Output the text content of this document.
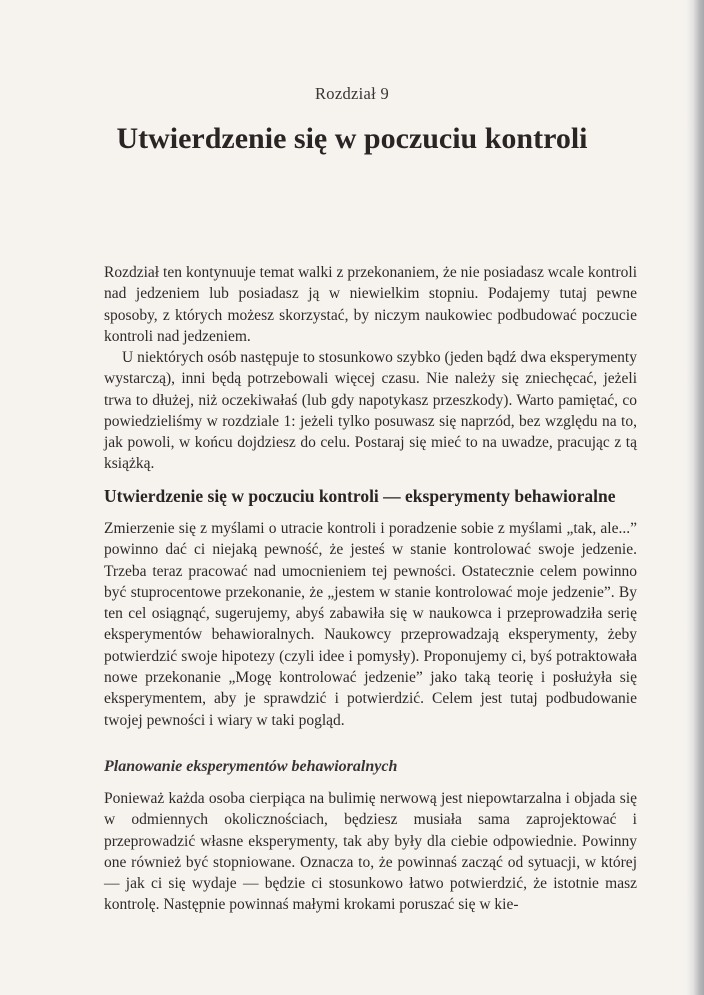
Rozdział 9
Utwierdzenie się w poczuciu kontroli

Rozdział ten kontynuuje temat walki z przekonaniem, że nie posiadasz wcale kontroli nad jedzeniem lub posiadasz ją w niewielkim stopniu. Podajemy tutaj pewne sposoby, z których możesz skorzystać, by niczym naukowiec podbudować poczucie kontroli nad jedzeniem.

U niektórych osób następuje to stosunkowo szybko (jeden bądź dwa eksperymenty wystarczą), inni będą potrzebowali więcej czasu. Nie należy się zniechęcać, jeżeli trwa to dłużej, niż oczekiwałaś (lub gdy napotykasz przeszkody). Warto pamiętać, co powiedzieliśmy w rozdziale 1: jeżeli tylko posuwasz się naprzód, bez względu na to, jak powoli, w końcu dojdziesz do celu. Postaraj się mieć to na uwadze, pracując z tą książką.

Utwierdzenie się w poczuciu kontroli — eksperymenty behawioralne

Zmierzenie się z myślami o utracie kontroli i poradzenie sobie z myślami „tak, ale...” powinno dać ci niejaką pewność, że jesteś w stanie kontrolować swoje jedzenie. Trzeba teraz pracować nad umocnieniem tej pewności. Ostatecznie celem powinno być stuprocentowe przekonanie, że „jestem w stanie kontrolować moje jedzenie”. By ten cel osiągnąć, sugerujemy, abyś zabawiła się w naukowca i przeprowadziła serię eksperymentów behawioralnych. Naukowcy przeprowadzają eksperymenty, żeby potwierdzić swoje hipotezy (czyli idee i pomysły). Proponujemy ci, byś potraktowała nowe przekonanie „Mogę kontrolować jedzenie” jako taką teorię i posłużyła się eksperymentem, aby je sprawdzić i potwierdzić. Celem jest tutaj podbudowanie twojej pewności i wiary w taki pogląd.

Planowanie eksperymentów behawioralnych

Ponieważ każda osoba cierpiąca na bulimię nerwową jest niepowtarzalna i objada się w odmiennych okolicznościach, będziesz musiała sama zaprojektować i przeprowadzić własne eksperymenty, tak aby były dla ciebie odpowiednie. Powinny one również być stopniowane. Oznacza to, że powinnaś zacząć od sytuacji, w której — jak ci się wydaje — będzie ci stosunkowo łatwo potwierdzić, że istotnie masz kontrolę. Następnie powinnaś małymi krokami poruszać się w kie-
